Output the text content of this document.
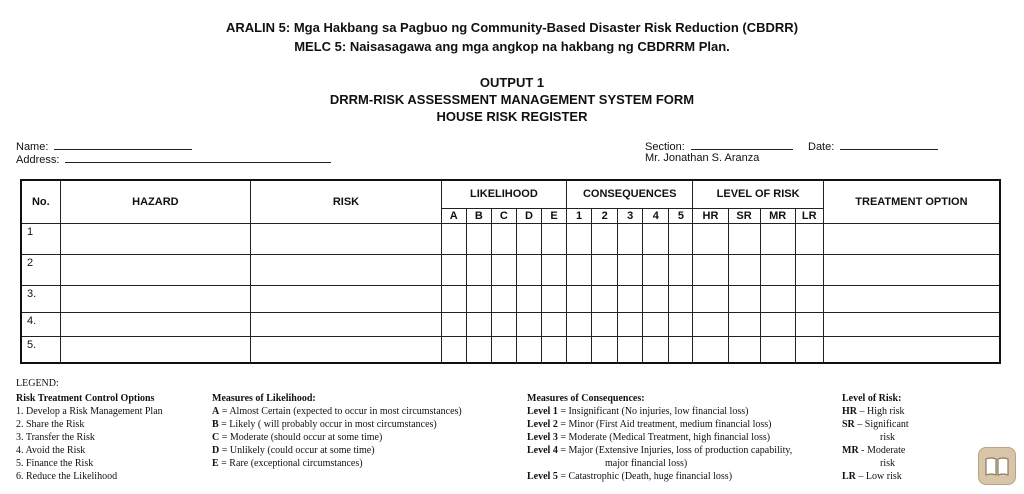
ARALIN 5: Mga Hakbang sa Pagbuo ng Community-Based Disaster Risk Reduction (CBDRR)
MELC 5: Naisasagawa ang mga angkop na hakbang ng CBDRRM Plan.
OUTPUT 1
DRRM-RISK ASSESSMENT MANAGEMENT SYSTEM FORM
HOUSE RISK REGISTER
Name:
Address:
Section:	Date:
Mr. Jonathan S. Aranza
No.	HAZARD	RISK	LIKELIHOOD					CONSEQUENCES					LEVEL OF RISK				TREATMENT OPTION
			A	B	C	D	E	1	2	3	4	5	HR	SR	MR	LR	
1																	
2																	
3.																	
4.																	
5.																	
LEGEND:
Risk Treatment Control Options
1. Develop a Risk Management Plan
2. Share the Risk
3. Transfer the Risk
4. Avoid the Risk
5. Finance the Risk
6. Reduce the Likelihood
Measures of Likelihood:
A = Almost Certain (expected to occur in most circumstances)
B = Likely ( will probably occur in most circumstances)
C = Moderate (should occur at some time)
D = Unlikely (could occur at some time)
E = Rare (exceptional circumstances)
Measures of Consequences:
Level 1 = Insignificant (No injuries, low financial loss)
Level 2 = Minor (First Aid treatment, medium financial loss)
Level 3 = Moderate (Medical Treatment, high financial loss)
Level 4 = Major (Extensive Injuries, loss of production capability,
major financial loss)
Level 5 = Catastrophic (Death, huge financial loss)
Level of Risk:
HR – High risk
SR – Significant
risk
MR - Moderate
risk
LR – Low risk
